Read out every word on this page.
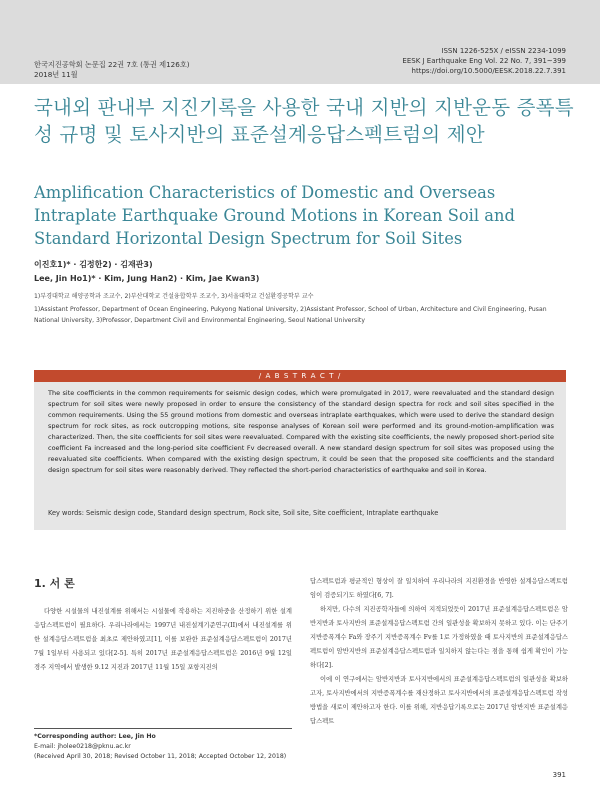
한국지진공학회 논문집 22권 7호 (통권 제126호)
2018년 11월
ISSN 1226-525X / eISSN 2234-1099
EESK J Earthquake Eng Vol. 22 No. 7, 391~399
https://doi.org/10.5000/EESK.2018.22.7.391
국내외 판내부 지진기록을 사용한 국내 지반의 지반운동 증폭특성 규명 및 토사지반의 표준설계응답스펙트럼의 제안
Amplification Characteristics of Domestic and Overseas Intraplate Earthquake Ground Motions in Korean Soil and Standard Horizontal Design Spectrum for Soil Sites
이진호1)* · 김정한2) · 김재관3)
Lee, Jin Ho1)* · Kim, Jung Han2) · Kim, Jae Kwan3)
1)부경대학교 해양공학과 조교수, 2)부산대학교 건설융합학부 조교수, 3)서울대학교 건설환경공학부 교수
1)Assistant Professor, Department of Ocean Engineering, Pukyong National University, 2)Assistant Professor, School of Urban, Architecture and Civil Engineering, Pusan National University, 3)Professor, Department Civil and Environmental Engineering, Seoul National University
/ A B S T R A C T /
The site coefficients in the common requirements for seismic design codes, which were promulgated in 2017, were reevaluated and the standard design spectrum for soil sites were newly proposed in order to ensure the consistency of the standard design spectra for rock and soil sites specified in the common requirements. Using the 55 ground motions from domestic and overseas intraplate earthquakes, which were used to derive the standard design spectrum for rock sites, as rock outcropping motions, site response analyses of Korean soil were performed and its ground-motion-amplification was characterized. Then, the site coefficients for soil sites were reevaluated. Compared with the existing site coefficients, the newly proposed short-period site coefficient Fa increased and the long-period site coefficient Fv decreased overall. A new standard design spectrum for soil sites was proposed using the reevaluated site coefficients. When compared with the existing design spectrum, it could be seen that the proposed site coefficients and the standard design spectrum for soil sites were reasonably derived. They reflected the short-period characteristics of earthquake and soil in Korea.
Key words: Seismic design code, Standard design spectrum, Rock site, Soil site, Site coefficient, Intraplate earthquake
1. 서 론

다양한 시설물의 내진설계를 위해서는 시설물에 작용하는 지진하중을 산정하기 위한 설계응답스펙트럼이 필요하다. 우리나라에서는 1997년 내진설계기준연구(II)에서 내진설계를 위한 설계응답스펙트럼을 최초로 제안하였고[1], 이를 보완한 표준설계응답스펙트럼이 2017년 7월 1일부터 사용되고 있다[2-5]. 특히 2017년 표준설계응답스펙트럼은 2016년 9월 12일 경주 지역에서 발생한 9.12 지진과 2017년 11월 15일 포항지진의

답스펙트럼과 평균적인 형상이 잘 일치하여 우리나라의 지진환경을 반영한 설계응답스펙트럼임이 검증되기도 하였다[6, 7].

하지만, 다수의 지진공학자들에 의하여 지적되었듯이 2017년 표준설계응답스펙트럼은 암반지반과 토사지반의 표준설계응답스펙트럼 간의 일관성을 확보하지 못하고 있다. 이는 단주기 지반증폭계수 Fa와 장주기 지반증폭계수 Fv를 1로 가정하였을 때 토사지반의 표준설계응답스펙트럼이 암반지반의 표준설계응답스펙트럼과 일치하지 않는다는 점을 통해 쉽게 확인이 가능하다[2].

이에 이 연구에서는 암반지반과 토사지반에서의 표준설계응답스펙트럼의 일관성을 확보하고자, 토사지반에서의 지반증폭계수를 재산정하고 토사지반에서의 표준설계응답스펙트럼 작성방법을 새로이 제안하고자 한다. 이를 위해, 지반응답기록으로는 2017년 암반지반 표준설계응답스펙트

*Corresponding author: Lee, Jin Ho
E-mail: jholee0218@pknu.ac.kr
(Received April 30, 2018; Revised October 11, 2018; Accepted October 12, 2018)
391
